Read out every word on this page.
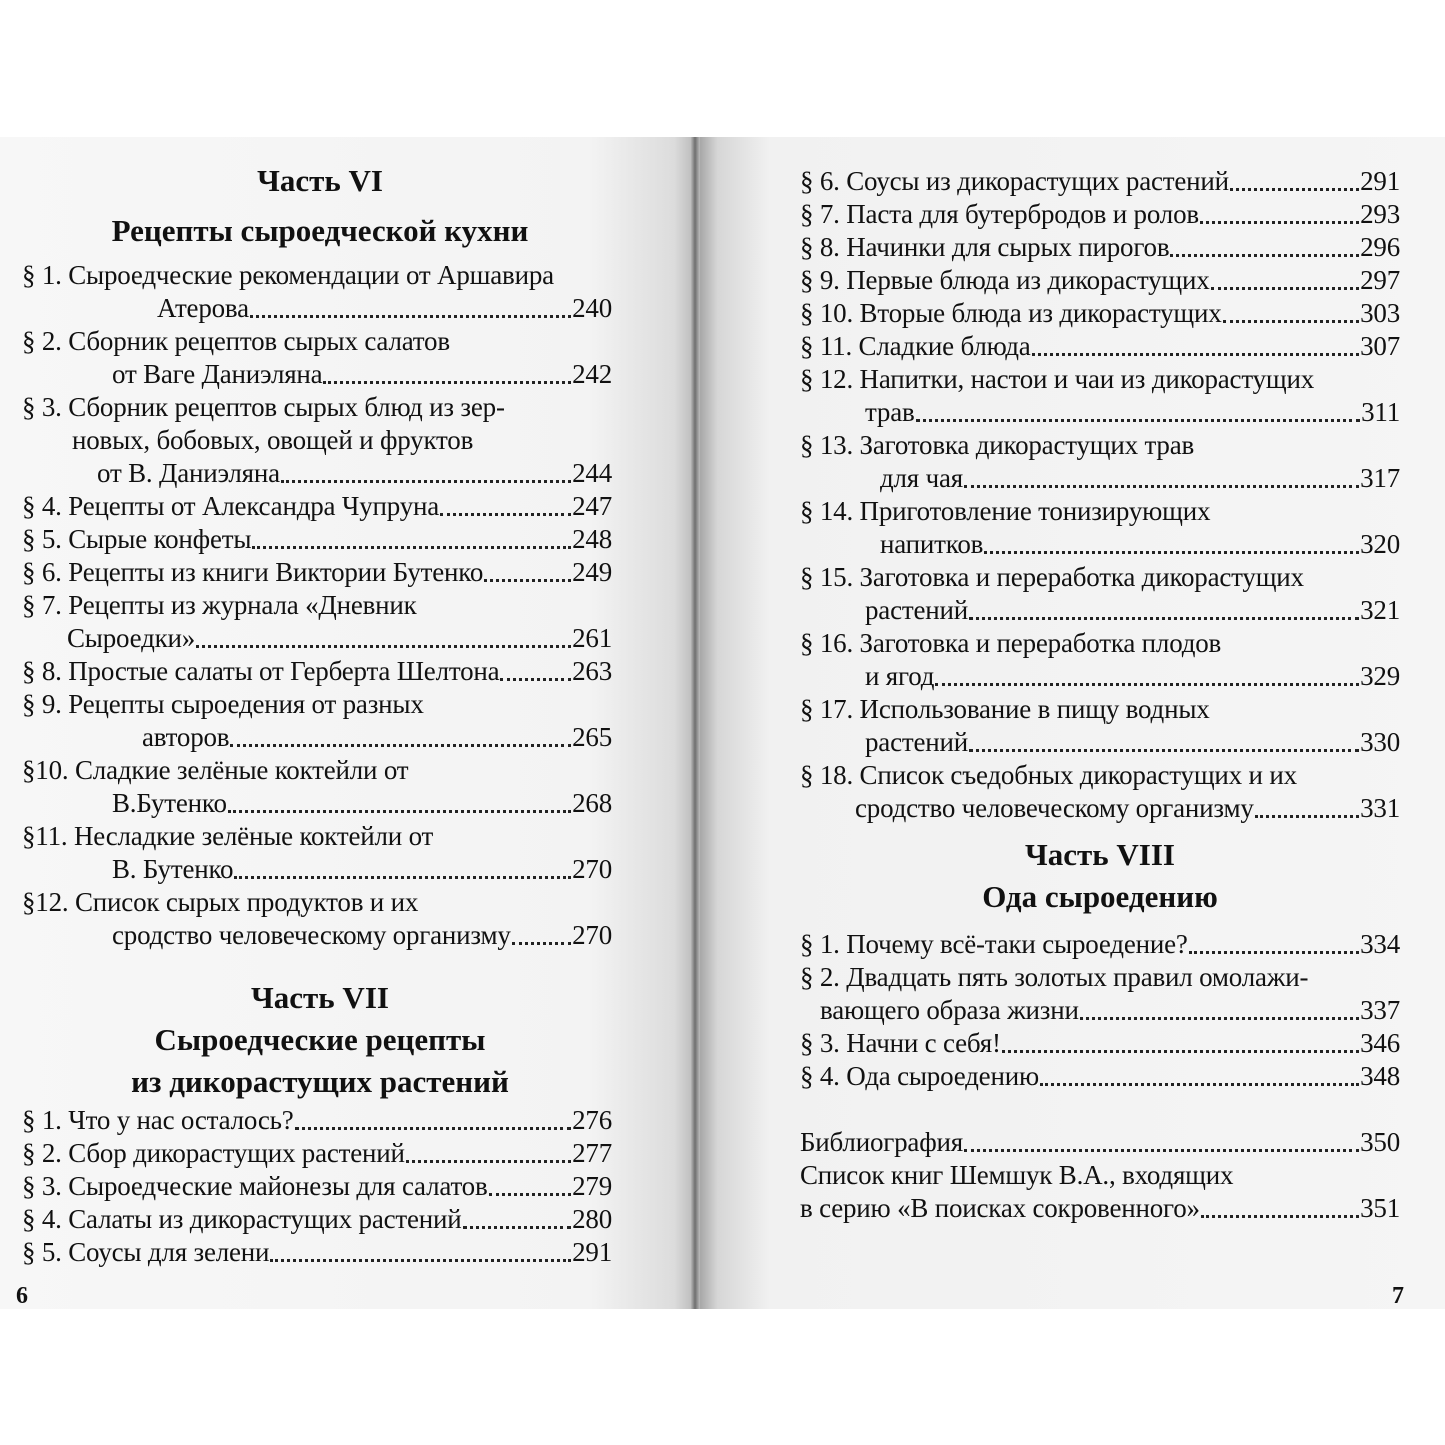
Часть VI
Рецепты сыроедческой кухни
§ 1. Сыроедческие рекомендации от Аршавира
Атерова	240
§ 2. Сборник рецептов сырых салатов
от Ваге Даниэляна	242
§ 3. Сборник рецептов сырых блюд из зер-
новых, бобовых, овощей и фруктов
от В. Даниэляна	244
§ 4. Рецепты от Александра Чупруна	247
§ 5. Сырые конфеты	248
§ 6. Рецепты из книги Виктории Бутенко	249
§ 7. Рецепты из журнала «Дневник
Сыроедки»	261
§ 8. Простые салаты от Герберта Шелтона	263
§ 9. Рецепты сыроедения от разных
авторов	265
§10. Сладкие зелёные коктейли от
В.Бутенко	268
§11. Несладкие зелёные коктейли от
В. Бутенко	270
§12. Список сырых продуктов и их
сродство человеческому организму 270
§ 1. Что у нас осталось?	276
§ 2. Сбор дикорастущих растений	277
§ 3. Сыроедческие майонезы для салатов	279
§ 4. Салаты из дикорастущих растений	280
§ 5. Соусы для зелени	291
Часть VII
Сыроедческие рецепты
из дикорастущих растений
6
§ 6. Соусы из дикорастущих растений	291
§ 7. Паста для бутербродов и ролов	293
§ 8. Начинки для сырых пирогов	296
§ 9. Первые блюда из дикорастущих	297
§ 10. Вторые блюда из дикорастущих	303
§ 11. Сладкие блюда	307
§ 12. Напитки, настои и чаи из дикорастущих
трав	311
§ 13. Заготовка дикорастущих трав
для чая	317
§ 14. Приготовление тонизирующих
напитков	320
§ 15. Заготовка и переработка дикорастущих
растений	321
§ 16. Заготовка и переработка плодов
и ягод	329
§ 17. Использование в пищу водных
растений	330
§ 18. Список съедобных дикорастущих и их
сродство человеческому организму	331
§ 1. Почему всё-таки сыроедение?	334
§ 2. Двадцать пять золотых правил омолажи-
вающего образа жизни	337
§ 3. Начни с себя!	346
§ 4. Ода сыроедению	348
Библиография	350
Список книг Шемшук В.А., входящих
в серию «В поисках сокровенного»	351
Часть VIII
Ода сыроедению
7
